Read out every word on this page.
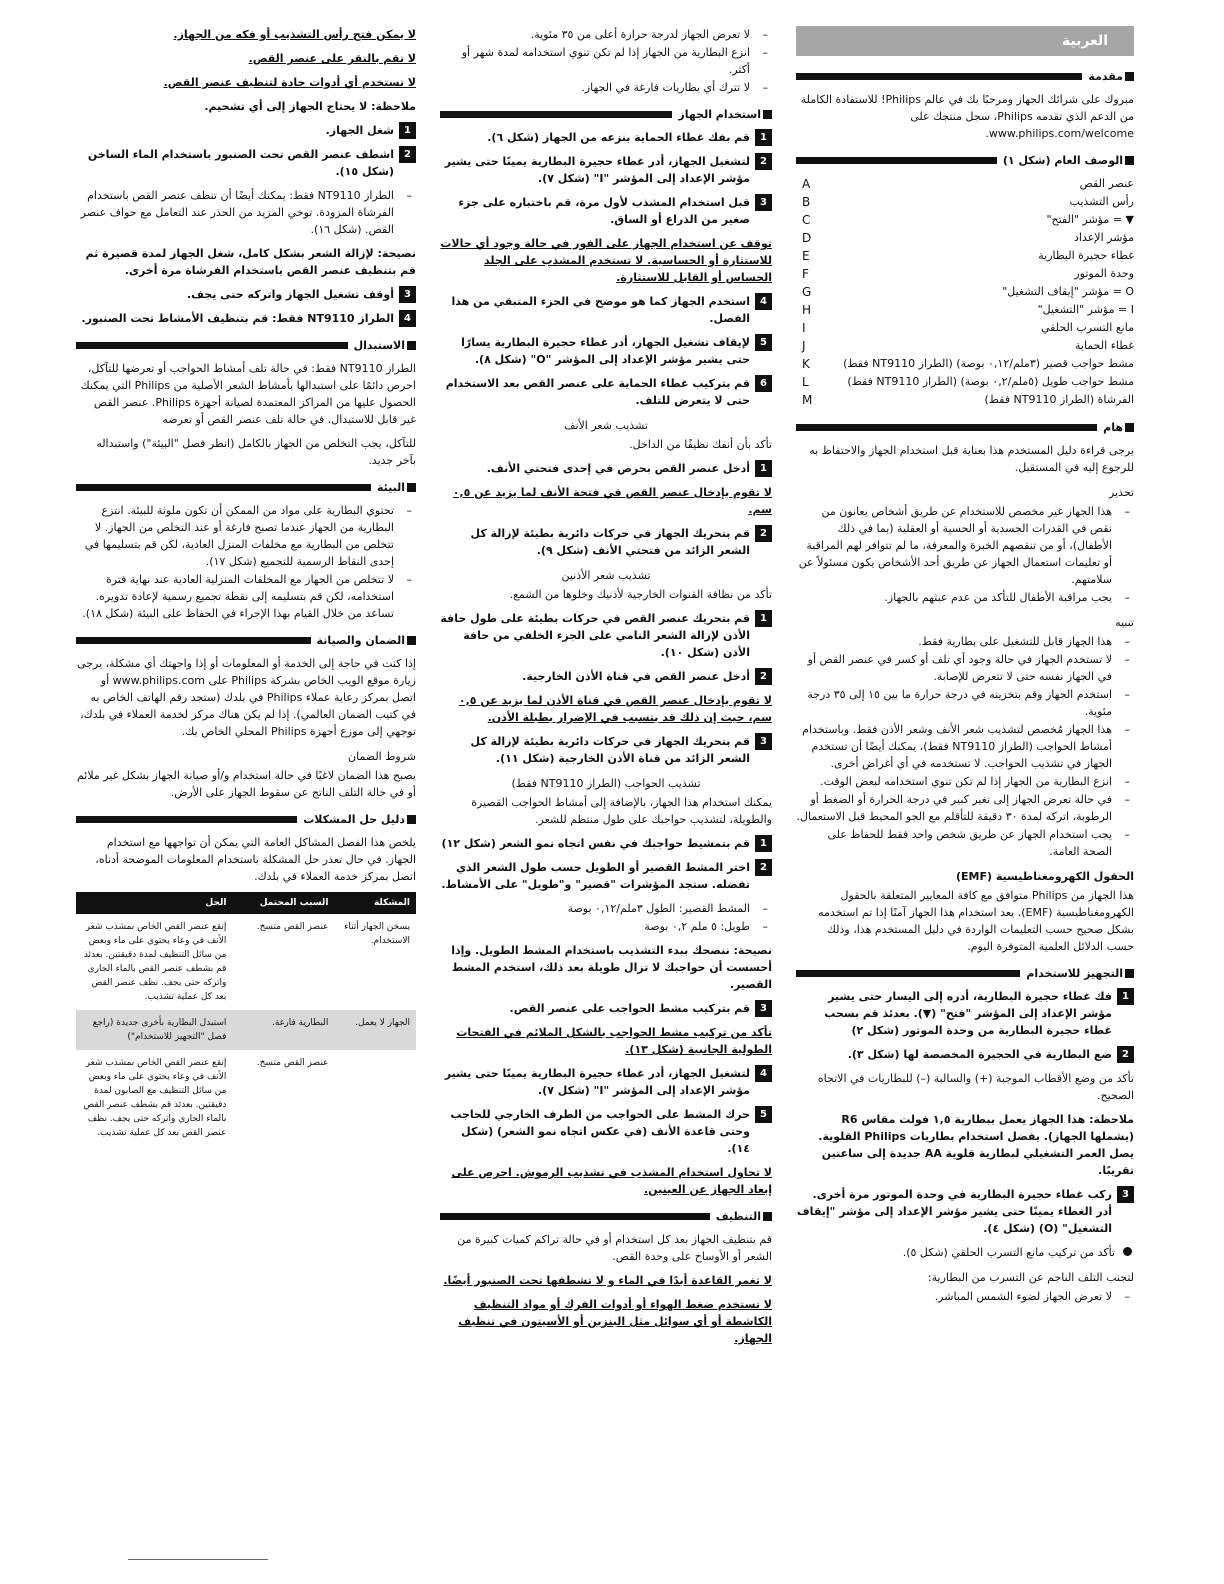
العربية
مقدمة

مبروك على شرائك الجهاز ومرحبًا بك في عالم Philips! للاستفادة الكاملة من الدعم الذي تقدمه Philips، سجل منتجك على www.philips.com/welcome.

الوصف العام (شكل ١)
عنصر القص
A
رأس التشذيب
B
▼ = مؤشر "الفتح"
C
مؤشر الإعداد
D
غطاء حجيرة البطارية
E
وحدة الموتور
F
O = مؤشر "إيقاف التشغيل"
G
I = مؤشر "التشغيل"
H
مانع التسرب الحلقي
I
غطاء الحماية
J
مشط حواجب قصير (٣ملم/٠,١٢ بوصة) (الطراز NT9110 فقط)
K
مشط حواجب طويل (٥ملم/٠,٢ بوصة) (الطراز NT9110 فقط)
L
الفرشاة (الطراز NT9110 فقط)
M
هام

يرجى قراءة دليل المستخدم هذا بعناية قبل استخدام الجهاز والاحتفاظ به للرجوع إليه في المستقبل.

تحذير
– هذا الجهاز غير مخصص للاستخدام عن طريق أشخاص يعانون من نقص في القدرات الجسدية أو الحسية أو العقلية (بما في ذلك الأطفال)، أو من تنقصهم الخبرة والمعرفة، ما لم تتوافر لهم المراقبة أو تعليمات استعمال الجهاز عن طريق أحد الأشخاص يكون مسئولاً عن سلامتهم.
– يجب مراقبة الأطفال للتأكد من عدم عبثهم بالجهاز.
تنبيه
– هذا الجهاز قابل للتشغيل على بطارية فقط.
– لا تستخدم الجهاز في حالة وجود أي تلف أو كسر في عنصر القص أو في الجهاز نفسه حتى لا تتعرض للإصابة.
– استخدم الجهاز وقم بتخزينه في درجة حرارة ما بين ١٥ إلى ٣٥ درجة مئوية.
– هذا الجهاز مُخصص لتشذيب شعر الأنف وشعر الأذن فقط. وباستخدام أمشاط الحواجب (الطراز NT9110 فقط)، يمكنك أيضًا أن تستخدم الجهاز في تشذيب الحواجب. لا تستخدمه في أي أغراض أخرى.
– انزع البطارية من الجهاز إذا لم تكن تنوي استخدامه لبعض الوقت.
– في حالة تعرض الجهاز إلى تغير كبير في درجة الحرارة أو الضغط أو الرطوبة، اتركه لمدة ٣٠ دقيقة للتأقلم مع الجو المحيط قبل الاستعمال.
– يجب استخدام الجهاز عن طريق شخص واحد فقط للحفاظ على الصحة العامة.
الحقول الكهرومغناطيسية (EMF)

هذا الجهاز من Philips متوافق مع كافة المعايير المتعلقة بالحقول الكهرومغناطيسية (EMF). يعد استخدام هذا الجهاز آمنًا إذا تم استخدمه بشكل صحيح حسب التعليمات الواردة في دليل المستخدم هذا، وذلك حسب الدلائل العلمية المتوفرة اليوم.

التجهيز للاستخدام
1
فك غطاء حجيرة البطارية، أدره إلى اليسار حتى يشير مؤشر الإعداد إلى المؤشر "فتح" (▼). بعدئذ قم بسحب غطاء حجيرة البطارية من وحدة الموتور (شكل ٢)
2
ضع البطارية في الحجيرة المخصصة لها (شكل ٣).

تأكد من وضع الأقطاب الموجبة (+) والسالبة (–) للبطاريات في الاتجاه الصحيح.

ملاحظة: هذا الجهاز يعمل ببطارية ١,٥ فولت مقاس R6 (يشملها الجهاز). يفضل استخدام بطاريات Philips القلوية. يصل العمر التشغيلي لبطارية قلوية AA جديدة إلى ساعتين تقريبًا.

3
ركب غطاء حجيرة البطارية في وحدة الموتور مرة أخرى. أدر الغطاء يمينًا حتى يشير مؤشر الإعداد إلى مؤشر "إيقاف التشغيل" (O) (شكل ٤).
تأكد من تركيب مانع التسرب الحلقي (شكل ٥).
لتجنب التلف الناجم عن التسرب من البطارية:
– لا تعرض الجهاز لضوء الشمس المباشر.
– لا تعرض الجهاز لدرجة حرارة أعلى من ٣٥ مئوية.
– انزع البطارية من الجهاز إذا لم تكن تنوي استخدامه لمدة شهر أو أكثر.
– لا تترك أي بطاريات فارغة في الجهاز.
استخدام الجهاز
1
قم بفك غطاء الحماية بنزعه من الجهاز (شكل ٦).
2
لتشغيل الجهاز، أدر غطاء حجيرة البطارية يمينًا حتى يشير مؤشر الإعداد إلى المؤشر "I" (شكل ٧).
3
قبل استخدام المشذب لأول مرة، قم باختباره على جزء صغير من الذراع أو الساق.

توقف عن استخدام الجهاز على الفور في حالة وجود أي حالات للاستثارة أو الحساسية. لا تستخدم المشذب على الجلد الحساس أو القابل للاستثارة.

4
استخدم الجهاز كما هو موضح في الجزء المتبقي من هذا الفصل.
5
لإيقاف تشغيل الجهاز، أدر غطاء حجيرة البطارية يسارًا حتى يشير مؤشر الإعداد إلى المؤشر "O" (شكل ٨).
6
قم بتركيب غطاء الحماية على عنصر القص بعد الاستخدام حتى لا يتعرض للتلف.
تشذيب شعر الأنف

تأكد بأن أنفك نظيفًا من الداخل.

1
أدخل عنصر القص بحرص في إحدى فتحتي الأنف.

لا تقوم بإدخال عنصر القص في فتحة الأنف لما يزيد عن ٠,٥ سم.

2
قم بتحريك الجهاز في حركات دائرية بطيئة لإزالة كل الشعر الزائد من فتحتي الأنف (شكل ٩).
تشذيب شعر الأذنين

تأكد من نظافة القنوات الخارجية لأذنيك وخلوها من الشمع.

1
قم بتحريك عنصر القص في حركات بطيئة على طول حافة الأذن لإزالة الشعر النامي على الجزء الخلفي من حافة الأذن (شكل ١٠).
2
أدخل عنصر القص في قناة الأذن الخارجية.

لا تقوم بإدخال عنصر القص في قناة الأذن لما يزيد عن ٠,٥ سم، حيث إن ذلك قد يتسبب في الإضرار بطبلة الأذن.

3
قم بتحريك الجهاز في حركات دائرية بطيئة لإزالة كل الشعر الزائد من قناة الأذن الخارجية (شكل ١١).
تشذيب الحواجب (الطراز NT9110 فقط)

يمكنك استخدام هذا الجهاز، بالإضافة إلى أمشاط الحواجب القصيرة والطويلة، لتشذيب حواجبك على طول منتظم للشعر.

1
قم بتمشيط حواجبك في نفس اتجاه نمو الشعر (شكل ١٢)
2
اختر المشط القصير أو الطويل حسب طول الشعر الذي تفضله. ستجد المؤشرات "قصير" و"طويل" على الأمشاط.
– المشط القصير: الطول ٣ملم/٠,١٢ بوصة
– طويل: ٥ ملم ٠,٢ بوصة

نصيحة: ننصحك ببدء التشذيب باستخدام المشط الطويل. وإذا أحسست أن حواجبك لا تزال طويلة بعد ذلك، استخدم المشط القصير.

3
قم بتركيب مشط الحواجب على عنصر القص.

تأكد من تركيب مشط الحواجب بالشكل الملائم في الفتحات الطولية الجانبية (شكل ١٣).

4
لتشغيل الجهاز، أدر غطاء حجيرة البطارية يمينًا حتى يشير مؤشر الإعداد إلى المؤشر "I" (شكل ٧).
5
حرك المشط على الحواجب من الطرف الخارجي للحاجب وحتى قاعدة الأنف (في عكس اتجاه نمو الشعر) (شكل ١٤).

لا تحاول استخدام المشذب في تشذيب الرموش. احرص على إبعاد الجهاز عن العينين.

التنظيف

قم بتنظيف الجهاز بعد كل استخدام أو في حالة تراكم كميات كبيرة من الشعر أو الأوساخ على وحدة القص.

لا تغمر القاعدة أبدًا في الماء و لا تشطفها تحت الصنبور أيضًا.

لا تستخدم ضغط الهواء أو أدوات الفرك أو مواد التنظيف الكاشطة أو أي سوائل مثل البنزين أو الأسيتون في تنظيف الجهاز.

لا يمكن فتح رأس التشذيب أو فكه من الجهاز.

لا تقم بالنقر على عنصر القص.

لا تستخدم أي أدوات حادة لتنظيف عنصر القص.

ملاحظة: لا يحتاج الجهاز إلى أي تشحيم.

1
شغل الجهاز.
2
اشطف عنصر القص تحت الصنبور باستخدام الماء الساخن (شكل ١٥).
– الطراز NT9110 فقط: يمكنك أيضًا أن تنظف عنصر القص باستخدام الفرشاة المزودة. توخي المزيد من الحذر عند التعامل مع حواف عنصر القص. (شكل ١٦).

نصيحة: لإزالة الشعر بشكل كامل، شغل الجهاز لمدة قصيرة ثم قم بتنظيف عنصر القص باستخدام الفرشاة مرة أخرى.

3
أوقف تشغيل الجهاز واتركه حتى يجف.
4
الطراز NT9110 فقط: قم بتنظيف الأمشاط تحت الصنبور.
الاستبدال

الطراز NT9110 فقط: في حالة تلف أمشاط الحواجب أو تعرضها للتآكل، احرص دائمًا على استبدالها بأمشاط الشعر الأصلية من Philips التي يمكنك الحصول عليها من المراكز المعتمدة لصيانة أجهزة Philips. عنصر القص غير قابل للاستبدال. في حالة تلف عنصر القص أو تعرضه

للتآكل، يجب التخلص من الجهاز بالكامل (انظر فصل "البيئة") واستبداله بآخر جديد.

البيئة
– تحتوي البطارية على مواد من الممكن أن تكون ملوثة للبيئة. انتزع البطارية من الجهاز عندما تصبح فارغة أو عند التخلص من الجهاز. لا تتخلص من البطارية مع مخلفات المنزل العادية، لكن قم بتسليمها في إحدى النقاط الرسمية للتجميع (شكل ١٧).
– لا تتخلص من الجهاز مع المخلفات المنزلية العادية عند نهاية فترة استخدامه، لكن قم بتسليمه إلى نقطة تجميع رسمية لإعادة تدويره. تساعد من خلال القيام بهذا الإجراء في الحفاظ على البيئة (شكل ١٨).
الضمان والصيانة

إذا كنت في حاجة إلى الخدمة أو المعلومات أو إذا واجهتك أي مشكلة، يرجى زيارة موقع الويب الخاص بشركة Philips على www.philips.com أو اتصل بمركز رعاية عملاء Philips في بلدك (ستجد رقم الهاتف الخاص به في كتيب الضمان العالمي). إذا لم يكن هناك مركز لخدمة العملاء في بلدك، توجهي إلى موزع أجهزة Philips المحلي الخاص بك.

شروط الضمان

يصبح هذا الضمان لاغيًا في حالة استخدام و/أو صيانة الجهاز بشكل غير ملائم أو في حالة التلف الناتج عن سقوط الجهاز على الأرض.

دليل حل المشكلات

يلخص هذا الفصل المشاكل العامة التي يمكن أن تواجهها مع استخدام الجهاز. في حال تعذر حل المشكلة باستخدام المعلومات الموضحة أدناه، اتصل بمركز خدمة العملاء في بلدك.

المشكلة	السبب المحتمل	الحل
يسخن الجهاز أثناء الاستخدام.	عنصر القص متسخ.	إنقع عنصر القص الخاص بمشذب شعر الأنف في وعاء يحتوي على ماء وبعض من سائل التنظيف لمدة دقيقتين. بعدئذ قم بشطف عنصر القص بالماء الجاري واتركه حتى يجف. نظف عنصر القص بعد كل عملية تشذيب.
الجهاز لا يعمل.	البطارية فارغة.	استبدل البطارية بأخرى جديدة (راجع فصل "التجهيز للاستخدام")
	عنصر القص متسخ.	إنقع عنصر القص الخاص بمشذب شعر الأنف في وعاء يحتوي على ماء وبعض من سائل التنظيف مع الصابون لمدة دقيقتين. بعدئذ قم بشطف عنصر القص بالماء الجاري واتركه حتى يجف. نظف عنصر القص بعد كل عملية تشذيب.
